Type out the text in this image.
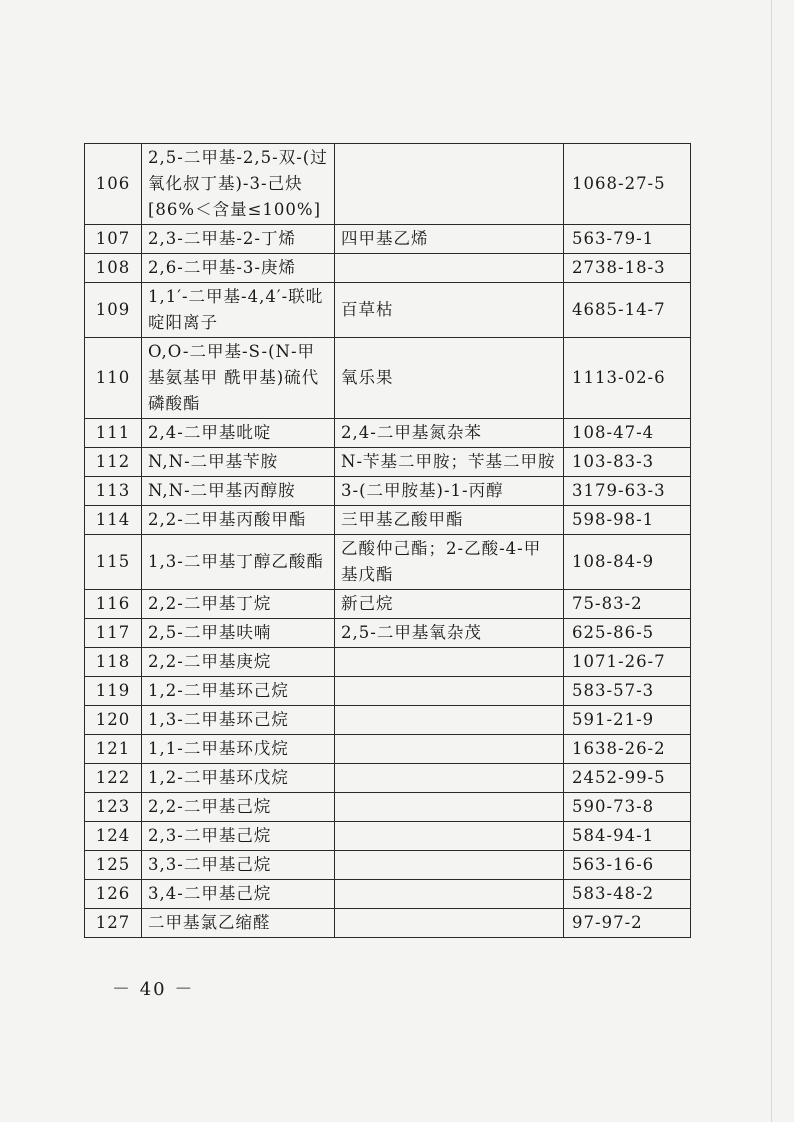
106	2,5-二甲基-2,5-双-(过氧化叔丁基)-3-己炔[86%＜含量≤100%]		1068-27-5
107	2,3-二甲基-2-丁烯	四甲基乙烯	563-79-1
108	2,6-二甲基-3-庚烯		2738-18-3
109	1,1′-二甲基-4,4′-联吡啶阳离子	百草枯	4685-14-7
110	O,O-二甲基-S-(N-甲基氨基甲 酰甲基)硫代磷酸酯	氧乐果	1113-02-6
111	2,4-二甲基吡啶	2,4-二甲基氮杂苯	108-47-4
112	N,N-二甲基苄胺	N-苄基二甲胺；苄基二甲胺	103-83-3
113	N,N-二甲基丙醇胺	3-(二甲胺基)-1-丙醇	3179-63-3
114	2,2-二甲基丙酸甲酯	三甲基乙酸甲酯	598-98-1
115	1,3-二甲基丁醇乙酸酯	乙酸仲己酯；2-乙酸-4-甲基戊酯	108-84-9
116	2,2-二甲基丁烷	新己烷	75-83-2
117	2,5-二甲基呋喃	2,5-二甲基氧杂茂	625-86-5
118	2,2-二甲基庚烷		1071-26-7
119	1,2-二甲基环己烷		583-57-3
120	1,3-二甲基环己烷		591-21-9
121	1,1-二甲基环戊烷		1638-26-2
122	1,2-二甲基环戊烷		2452-99-5
123	2,2-二甲基己烷		590-73-8
124	2,3-二甲基己烷		584-94-1
125	3,3-二甲基己烷		563-16-6
126	3,4-二甲基己烷		583-48-2
127	二甲基氯乙缩醛		97-97-2
－ 40 －
